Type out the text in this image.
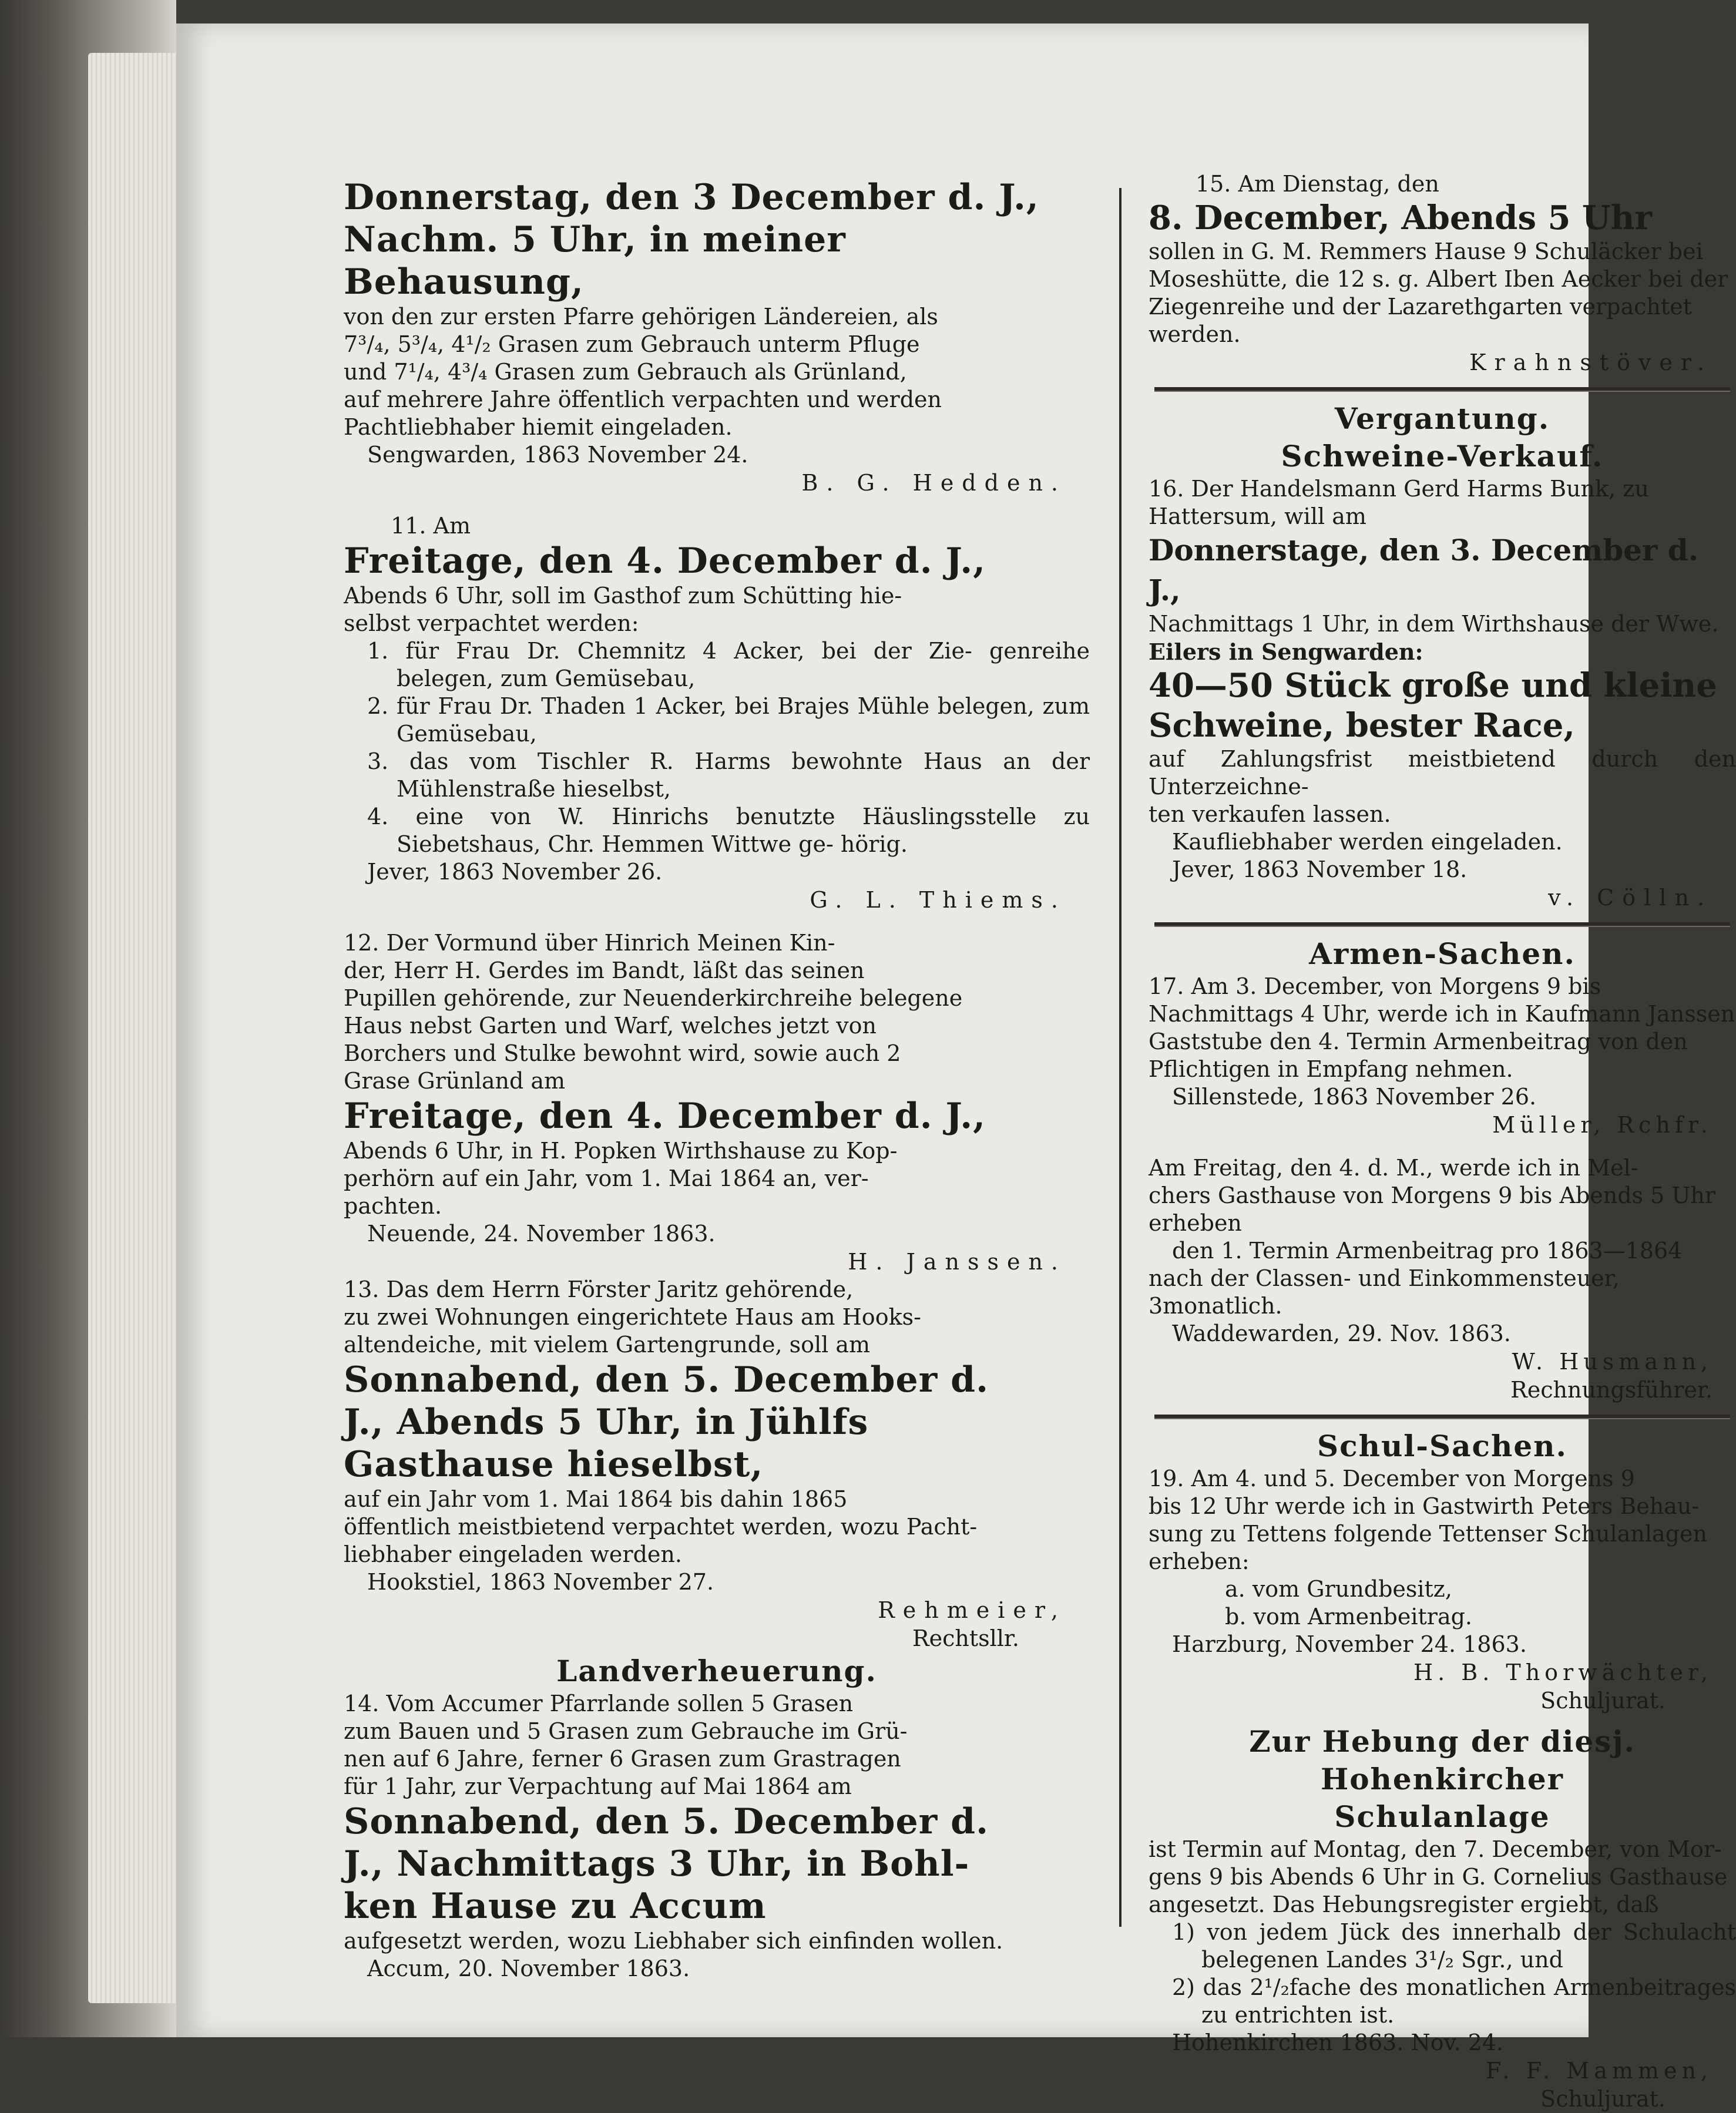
Donnerstag, den 3 December d. J.,
Nachm. 5 Uhr, in meiner Behausung,
von den zur ersten Pfarre gehörigen Ländereien, als
7³/₄, 5³/₄, 4¹/₂ Grasen zum Gebrauch unterm Pfluge
und 7¹/₄, 4³/₄ Grasen zum Gebrauch als Grünland,
auf mehrere Jahre öffentlich verpachten und werden
Pachtliebhaber hiemit eingeladen.
Sengwarden, 1863 November 24.
B. G. Hedden.
11. Am
Freitage, den 4. December d. J.,
Abends 6 Uhr, soll im Gasthof zum Schütting hie-
selbst verpachtet werden:
1. für Frau Dr. Chemnitz 4 Acker, bei der Zie- genreihe belegen, zum Gemüsebau,
2. für Frau Dr. Thaden 1 Acker, bei Brajes Mühle belegen, zum Gemüsebau,
3. das vom Tischler R. Harms bewohnte Haus an der Mühlenstraße hieselbst,
4. eine von W. Hinrichs benutzte Häuslingsstelle zu Siebetshaus, Chr. Hemmen Wittwe ge- hörig.
Jever, 1863 November 26.
G. L. Thiems.
12. Der Vormund über Hinrich Meinen Kin-
der, Herr H. Gerdes im Bandt, läßt das seinen
Pupillen gehörende, zur Neuenderkirchreihe belegene
Haus nebst Garten und Warf, welches jetzt von
Borchers und Stulke bewohnt wird, sowie auch 2
Grase Grünland am
Freitage, den 4. December d. J.,
Abends 6 Uhr, in H. Popken Wirthshause zu Kop-
perhörn auf ein Jahr, vom 1. Mai 1864 an, ver-
pachten.
Neuende, 24. November 1863.
H. Janssen.
13. Das dem Herrn Förster Jaritz gehörende,
zu zwei Wohnungen eingerichtete Haus am Hooks-
altendeiche, mit vielem Gartengrunde, soll am
Sonnabend, den 5. December d.
J., Abends 5 Uhr, in Jühlfs
Gasthause hieselbst,
auf ein Jahr vom 1. Mai 1864 bis dahin 1865
öffentlich meistbietend verpachtet werden, wozu Pacht-
liebhaber eingeladen werden.
Hookstiel, 1863 November 27.
Rehmeier,
Rechtsllr.
Landverheuerung.
14. Vom Accumer Pfarrlande sollen 5 Grasen
zum Bauen und 5 Grasen zum Gebrauche im Grü-
nen auf 6 Jahre, ferner 6 Grasen zum Grastragen
für 1 Jahr, zur Verpachtung auf Mai 1864 am
Sonnabend, den 5. December d.
J., Nachmittags 3 Uhr, in Bohl-
ken Hause zu Accum
aufgesetzt werden, wozu Liebhaber sich einfinden wollen.
Accum, 20. November 1863.
15. Am Dienstag, den
8. December, Abends 5 Uhr
sollen in G. M. Remmers Hause 9 Schuläcker bei
Moseshütte, die 12 s. g. Albert Iben Aecker bei der
Ziegenreihe und der Lazarethgarten verpachtet werden.
Krahnstöver.
Vergantung.
Schweine-Verkauf.
16. Der Handelsmann Gerd Harms Bunk, zu
Hattersum, will am
Donnerstage, den 3. December d. J.,
Nachmittags 1 Uhr, in dem Wirthshause der Wwe.
Eilers in Sengwarden:
40—50 Stück große und kleine
Schweine, bester Race,
auf Zahlungsfrist meistbietend durch den Unterzeichne-
ten verkaufen lassen.
Kaufliebhaber werden eingeladen.
Jever, 1863 November 18.
v. Cölln.
Armen-Sachen.
17. Am 3. December, von Morgens 9 bis
Nachmittags 4 Uhr, werde ich in Kaufmann Janssen
Gaststube den 4. Termin Armenbeitrag von den
Pflichtigen in Empfang nehmen.
Sillenstede, 1863 November 26.
Müller, Rchfr.
Am Freitag, den 4. d. M., werde ich in Mel-
chers Gasthause von Morgens 9 bis Abends 5 Uhr
erheben
den 1. Termin Armenbeitrag pro 1863—1864
nach der Classen- und Einkommensteuer, 3monatlich.
Waddewarden, 29. Nov. 1863.
W. Husmann,
Rechnungsführer.
Schul-Sachen.
19. Am 4. und 5. December von Morgens 9
bis 12 Uhr werde ich in Gastwirth Peters Behau-
sung zu Tettens folgende Tettenser Schulanlagen
erheben:
a. vom Grundbesitz,
b. vom Armenbeitrag.
Harzburg, November 24. 1863.
H. B. Thorwächter,
Schuljurat.
Zur Hebung der diesj. Hohenkircher
Schulanlage
ist Termin auf Montag, den 7. December, von Mor-
gens 9 bis Abends 6 Uhr in G. Cornelius Gasthause
angesetzt. Das Hebungsregister ergiebt, daß
1) von jedem Jück des innerhalb der Schulacht belegenen Landes 3¹/₂ Sgr., und
2) das 2¹/₂fache des monatlichen Armenbeitrages zu entrichten ist.
Hohenkirchen 1863. Nov. 24.
F. F. Mammen,
Schuljurat.
